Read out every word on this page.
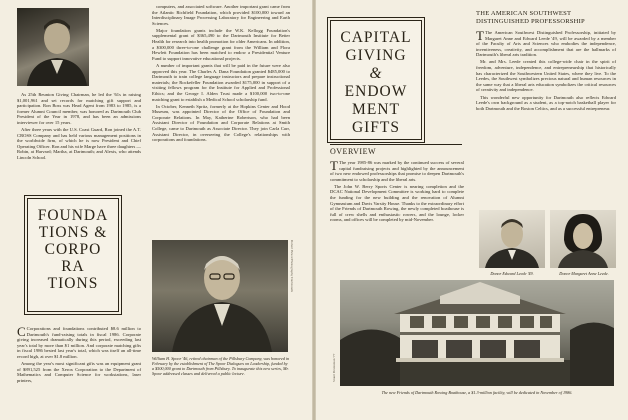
As 25th Reunion Giving Chairman, he led the '61s in raising $1,001,961 and set records for matching gift support and participation. Ron Boss was Head Agent from 1983 to 1985, is a former Alumni Council member, was honored as Dartmouth Club President of the Year in 1978, and has been an admissions interviewer for over 15 years.

After three years with the U.S. Coast Guard, Ron joined the A.T. CROSS Company and has held various management positions in the worldwide firm, of which he is now President and Chief Operating Officer. Ron and his wife Marge have three daughters — Robin, at Harvard; Martha, at Dartmouth; and Alexis, who attends Lincoln School.

computers, and associated software. Another important grant came from the Atlantic Richfield Foundation, which provided $100,000 toward an Interdisciplinary Image Processing Laboratory for Engineering and Earth Sciences.

Major foundation grants include the W.K. Kellogg Foundation's supplemental grant of $365,490 to the Dartmouth Institute for Better Health for research into health promotion for older Americans. In addition, a $300,000 three-to-one challenge grant from the William and Flora Hewlett Foundation has been matched to endow a Presidential Venture Fund to support innovative educational projects.

A number of important grants that will be paid in the future were also approved this year. The Charles A. Dana Foundation granted $485,000 to Dartmouth to train college language instructors and prepare instructional materials; the Rockefeller Foundation awarded $175,000 in support of a visiting fellows program for the Institute for Applied and Professional Ethics; and the George I. Alden Trust made a $100,000 two-to-one matching grant to establish a Medical School scholarship fund.

In October, Kenneth Spritz, formerly at the Hopkins Center and Hood Museum, was appointed Director of the Office of Foundation and Corporate Relations. In May, Katherine Robertson, who had been Assistant Director of Foundation and Corporate Relations at Smith College, came to Dartmouth as Associate Director. They join Carla Carr, Assistant Director, in overseeing the College's relationships with corporations and foundations.

FOUNDA
TIONS &
CORPO
RA
TIONS

C Corporations and foundations contributed $8.6 million to Dartmouth's fund-raising totals in fiscal 1986. Corporate giving increased dramatically during this period, exceeding last year's total by more than $1 million. And corporate matching gifts in fiscal 1986 bested last year's total, which was itself an all-time record high, at over $1.8 million.

Among the year's most significant gifts was an equipment grant of $891,525 from the Xerox Corporation to the Department of Mathematics and Computer Science for workstations, laser printers,

Robert Bruce/Photography Dartmouth
William H. Spoor '46, retired chairman of the Pillsbury Company, was honored in February by the establishment of The Spoor Dialogues on Leadership, funded by a $500,000 grant to Dartmouth from Pillsbury. To inaugurate this new series, Mr. Spoor addressed classes and delivered a public lecture.
CAPITAL
GIVING
&
ENDOW
MENT
GIFTS
OVERVIEW

T The year 1985-86 was marked by the continued success of several capital fundraising projects and highlighted by the announcement of two new endowed professorships that promise to deepen Dartmouth's commitment to scholarship and the liberal arts.

The John W. Berry Sports Center is nearing completion and the DCAC National Development Committee is working hard to complete the funding for the new building and the renovation of Alumni Gymnasium and Davis Varsity House. Thanks to the extraordinary effort of the Friends of Dartmouth Rowing, the newly completed boathouse is full of crew shells and enthusiastic rowers, and the lounge, locker rooms, and offices will be completed by mid-November.

THE AMERICAN SOUTHWEST
DISTINGUISHED PROFESSORSHIP

T The American Southwest Distinguished Professorship, initiated by Margaret Anne and Edward Leede '49, will be awarded by a member of the Faculty of Arts and Sciences who embodies the independence, inventiveness, creativity, and accomplishment that are the hallmarks of Dartmouth's liberal arts tradition.

Mr. and Mrs. Leede created this college-wide chair in the spirit of freedom, adventure, independence, and entrepreneurship that historically has characterized the Southwestern United States, where they live. To the Leedes, the Southwest symbolizes precious natural and human resources in the same way that a liberal arts education symbolizes the critical resources of creativity and independence.

This wonderful new opportunity for Dartmouth also reflects Edward Leede's own background as a student, as a top-notch basketball player for both Dartmouth and the Boston Celtics, and as a successful entrepreneur.

Donor Edward Leede '49.	Donor Margaret Anne Leede.
Stuart Bratesman '77
The new Friends of Dartmouth Rowing Boathouse, a $1.3-million facility, will be dedicated in November of 1986.
